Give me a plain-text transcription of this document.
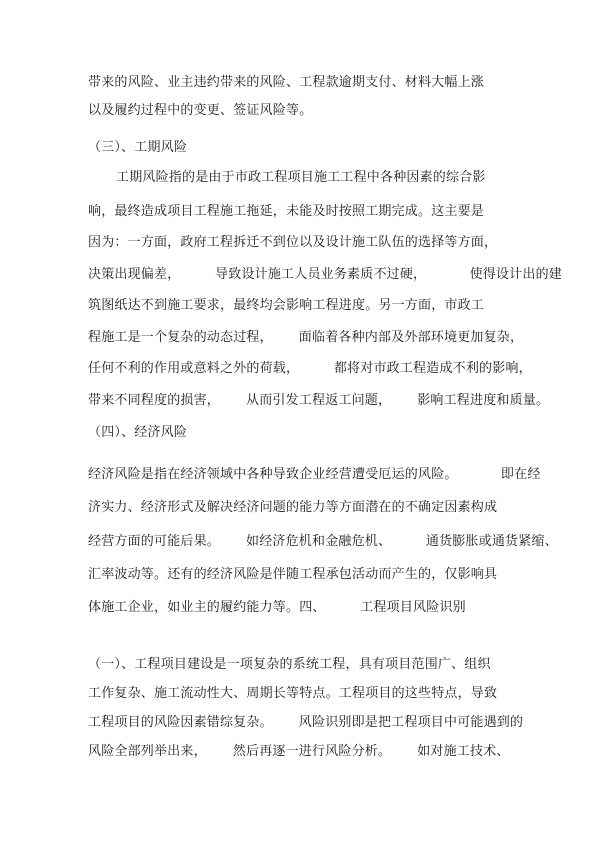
带来的风险、业主违约带来的风险、工程款逾期支付、材料大幅上涨
以及履约过程中的变更、签证风险等。
（三）、工期风险
工期风险指的是由于市政工程项目施工工程中各种因素的综合影
响，最终造成项目工程施工拖延，未能及时按照工期完成。这主要是
因为：一方面，政府工程拆迁不到位以及设计施工队伍的选择等方面，
决策出现偏差，        导致设计施工人员业务素质不过硬，          使得设计出的建
筑图纸达不到施工要求，最终均会影响工程进度。另一方面，市政工
程施工是一个复杂的动态过程，      面临着各种内部及外部环境更加复杂，
任何不利的作用或意料之外的荷载，        都将对市政工程造成不利的影响，
带来不同程度的损害，      从而引发工程返工问题，      影响工程进度和质量。
（四）、经济风险
经济风险是指在经济领域中各种导致企业经营遭受厄运的风险。          即在经
济实力、经济形式及解决经济问题的能力等方面潜在的不确定因素构成
经营方面的可能后果。      如经济危机和金融危机、        通货膨胀或通货紧缩、
汇率波动等。还有的经济风险是伴随工程承包活动而产生的，仅影响具
体施工企业，如业主的履约能力等。四、        工程项目风险识别
（一）、工程项目建设是一项复杂的系统工程，具有项目范围广、组织
工作复杂、施工流动性大、周期长等特点。工程项目的这些特点，导致
工程项目的风险因素错综复杂。      风险识别即是把工程项目中可能遇到的
风险全部列举出来，      然后再逐一进行风险分析。      如对施工技术、
